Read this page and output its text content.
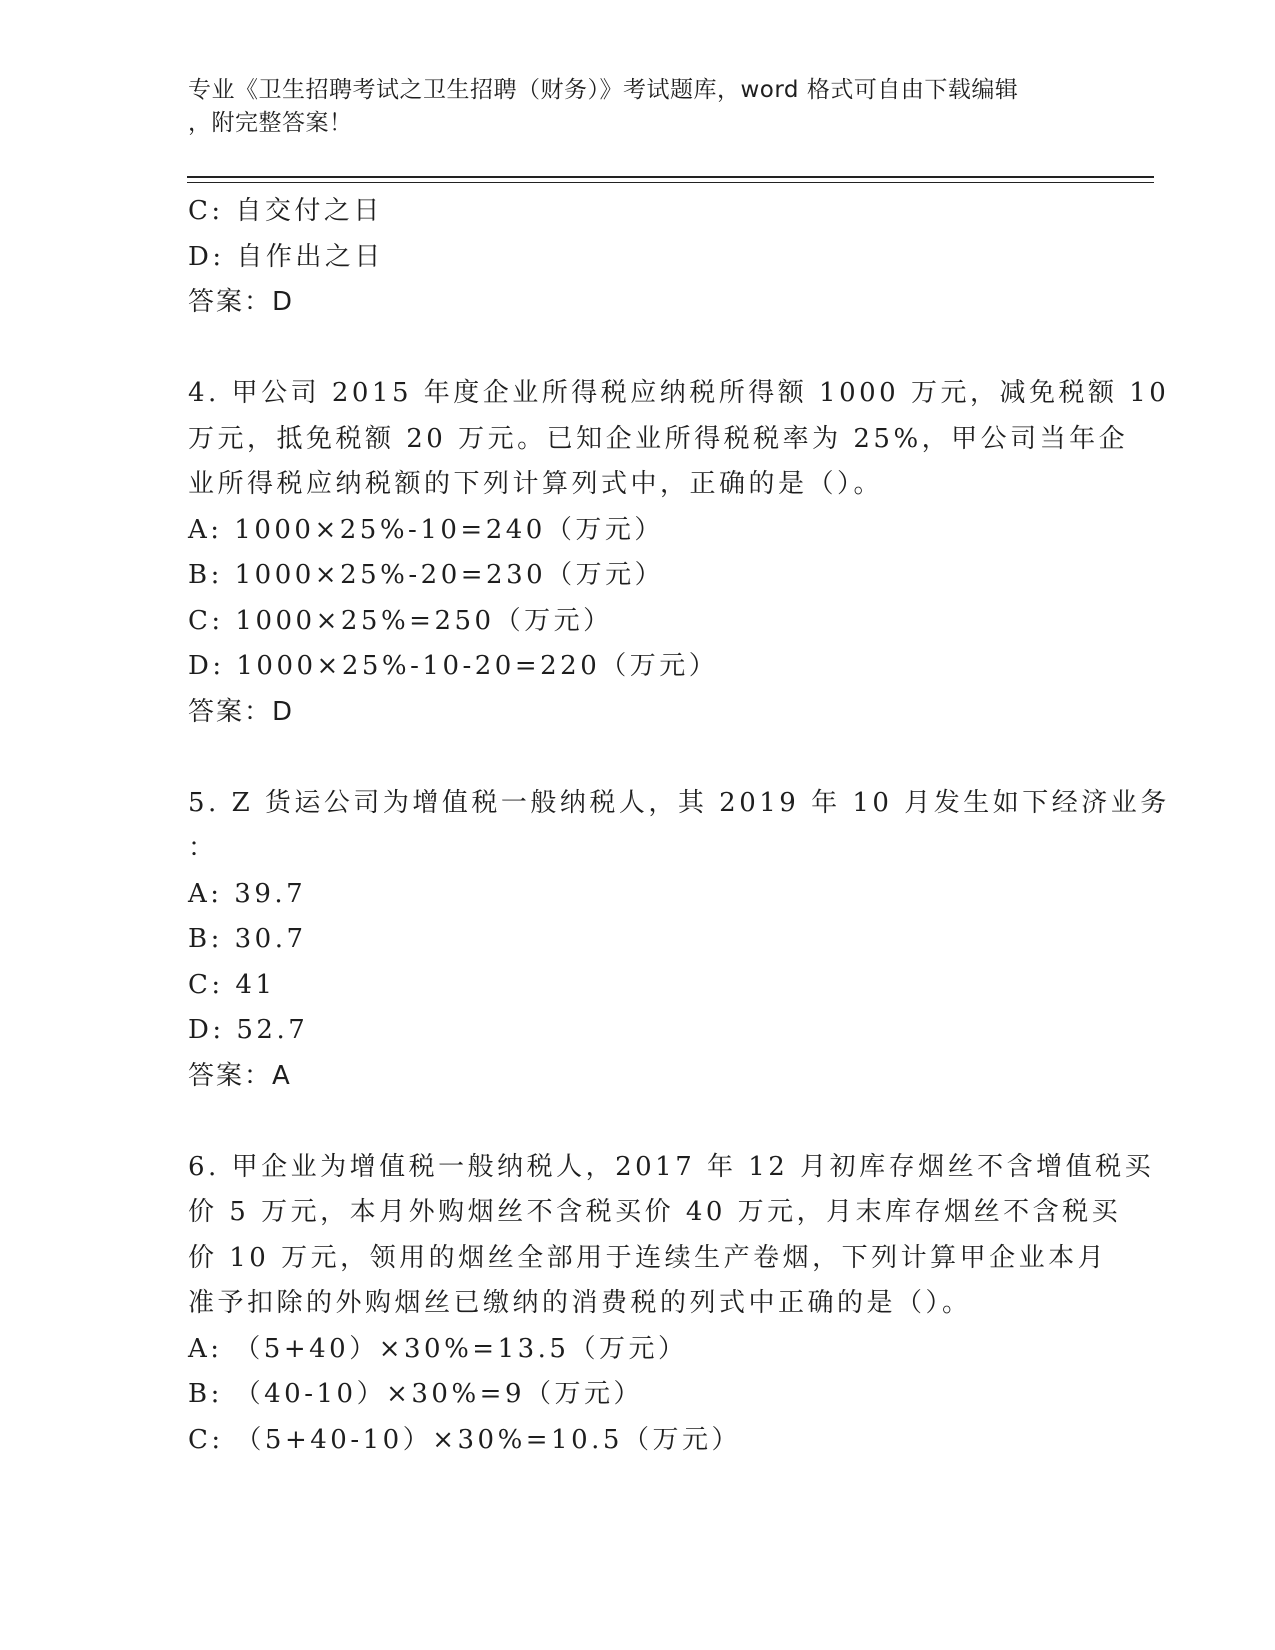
专业《卫生招聘考试之卫生招聘（财务）》考试题库，word 格式可自由下载编辑
，附完整答案！
C: 自交付之日
D: 自作出之日
答案：D
4. 甲公司 2015 年度企业所得税应纳税所得额 1000 万元，减免税额 10
万元，抵免税额 20 万元。已知企业所得税税率为 25%，甲公司当年企
业所得税应纳税额的下列计算列式中，正确的是（）。
A: 1000×25%-10=240（万元）
B: 1000×25%-20=230（万元）
C: 1000×25%=250（万元）
D: 1000×25%-10-20=220（万元）
答案：D
5. Z 货运公司为增值税一般纳税人，其 2019 年 10 月发生如下经济业务
：
A: 39.7
B: 30.7
C: 41
D: 52.7
答案：A
6. 甲企业为增值税一般纳税人，2017 年 12 月初库存烟丝不含增值税买
价 5 万元，本月外购烟丝不含税买价 40 万元，月末库存烟丝不含税买
价 10 万元，领用的烟丝全部用于连续生产卷烟，下列计算甲企业本月
准予扣除的外购烟丝已缴纳的消费税的列式中正确的是（）。
A: （5+40）×30%=13.5（万元）
B: （40-10）×30%=9（万元）
C: （5+40-10）×30%=10.5（万元）
